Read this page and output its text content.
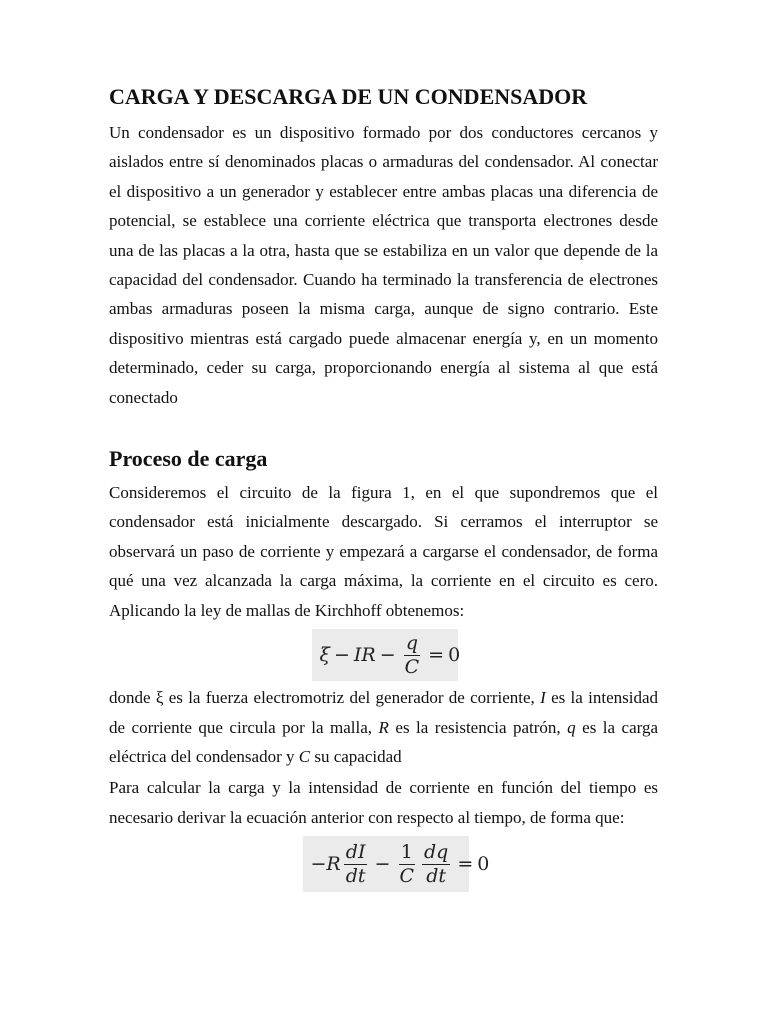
CARGA Y DESCARGA DE UN CONDENSADOR

Un condensador es un dispositivo formado por dos conductores cercanos y aislados entre sí denominados placas o armaduras del condensador. Al conectar el dispositivo a un generador y establecer entre ambas placas una diferencia de potencial, se establece una corriente eléctrica que transporta electrones desde una de las placas a la otra, hasta que se estabiliza en un valor que depende de la capacidad del condensador. Cuando ha terminado la transferencia de electrones ambas armaduras poseen la misma carga, aunque de signo contrario. Este dispositivo mientras está cargado puede almacenar energía y, en un momento determinado, ceder su carga, proporcionando energía al sistema al que está conectado

Proceso de carga

Consideremos el circuito de la figura 1, en el que supondremos que el condensador está inicialmente descargado. Si cerramos el interruptor se observará un paso de corriente y empezará a cargarse el condensador, de forma qué una vez alcanzada la carga máxima, la corriente en el circuito es cero. Aplicando la ley de mallas de Kirchhoff obtenemos:

ξ − IR − $\frac{q}{C} = 0$

donde ξ es la fuerza electromotriz del generador de corriente, I es la intensidad de corriente que circula por la malla, R es la resistencia patrón, q es la carga eléctrica del condensador y C su capacidad

Para calcular la carga y la intensidad de corriente en función del tiempo es necesario derivar la ecuación anterior con respecto al tiempo, de forma que:

$-R \frac{dI}{dt} - \frac{1}{C} \frac{dq}{dt} = 0$
